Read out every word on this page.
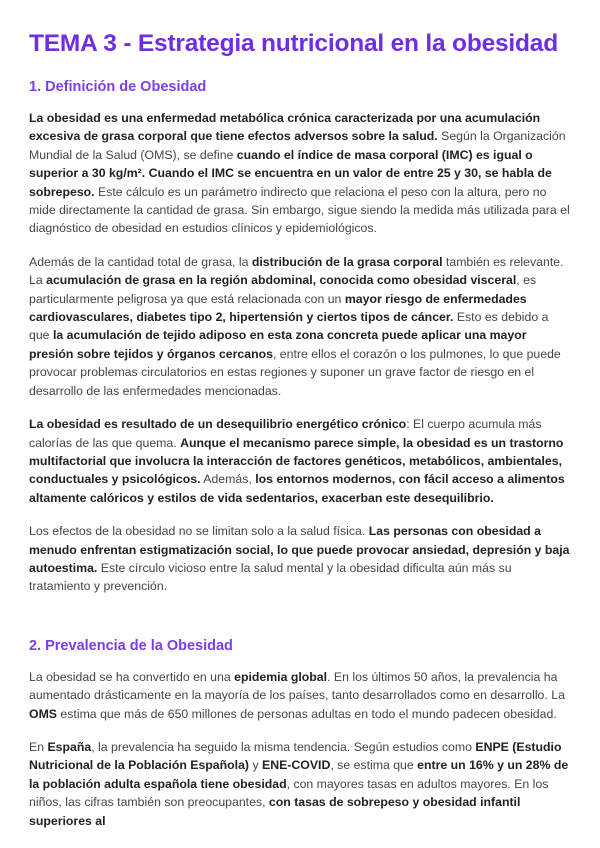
TEMA 3 - Estrategia nutricional en la obesidad
1. Definición de Obesidad

La obesidad es una enfermedad metabólica crónica caracterizada por una acumulación excesiva de grasa corporal que tiene efectos adversos sobre la salud. Según la Organización Mundial de la Salud (OMS), se define cuando el índice de masa corporal (IMC) es igual o superior a 30 kg/m². Cuando el IMC se encuentra en un valor de entre 25 y 30, se habla de sobrepeso. Este cálculo es un parámetro indirecto que relaciona el peso con la altura, pero no mide directamente la cantidad de grasa. Sin embargo, sigue siendo la medida más utilizada para el diagnóstico de obesidad en estudios clínicos y epidemiológicos.

Además de la cantidad total de grasa, la distribución de la grasa corporal también es relevante. La acumulación de grasa en la región abdominal, conocida como obesidad visceral, es particularmente peligrosa ya que está relacionada con un mayor riesgo de enfermedades cardiovasculares, diabetes tipo 2, hipertensión y ciertos tipos de cáncer. Esto es debido a que la acumulación de tejido adiposo en esta zona concreta puede aplicar una mayor presión sobre tejidos y órganos cercanos, entre ellos el corazón o los pulmones, lo que puede provocar problemas circulatorios en estas regiones y suponer un grave factor de riesgo en el desarrollo de las enfermedades mencionadas.

La obesidad es resultado de un desequilibrio energético crónico: El cuerpo acumula más calorías de las que quema. Aunque el mecanismo parece simple, la obesidad es un trastorno multifactorial que involucra la interacción de factores genéticos, metabólicos, ambientales, conductuales y psicológicos. Además, los entornos modernos, con fácil acceso a alimentos altamente calóricos y estilos de vida sedentarios, exacerban este desequilibrio.

Los efectos de la obesidad no se limitan solo a la salud física. Las personas con obesidad a menudo enfrentan estigmatización social, lo que puede provocar ansiedad, depresión y baja autoestima. Este círculo vicioso entre la salud mental y la obesidad dificulta aún más su tratamiento y prevención.

2. Prevalencia de la Obesidad

La obesidad se ha convertido en una epidemia global. En los últimos 50 años, la prevalencia ha aumentado drásticamente en la mayoría de los países, tanto desarrollados como en desarrollo. La OMS estima que más de 650 millones de personas adultas en todo el mundo padecen obesidad.

En España, la prevalencia ha seguido la misma tendencia. Según estudios como ENPE (Estudio Nutricional de la Población Española) y ENE-COVID, se estima que entre un 16% y un 28% de la población adulta española tiene obesidad, con mayores tasas en adultos mayores. En los niños, las cifras también son preocupantes, con tasas de sobrepeso y obesidad infantil superiores al
